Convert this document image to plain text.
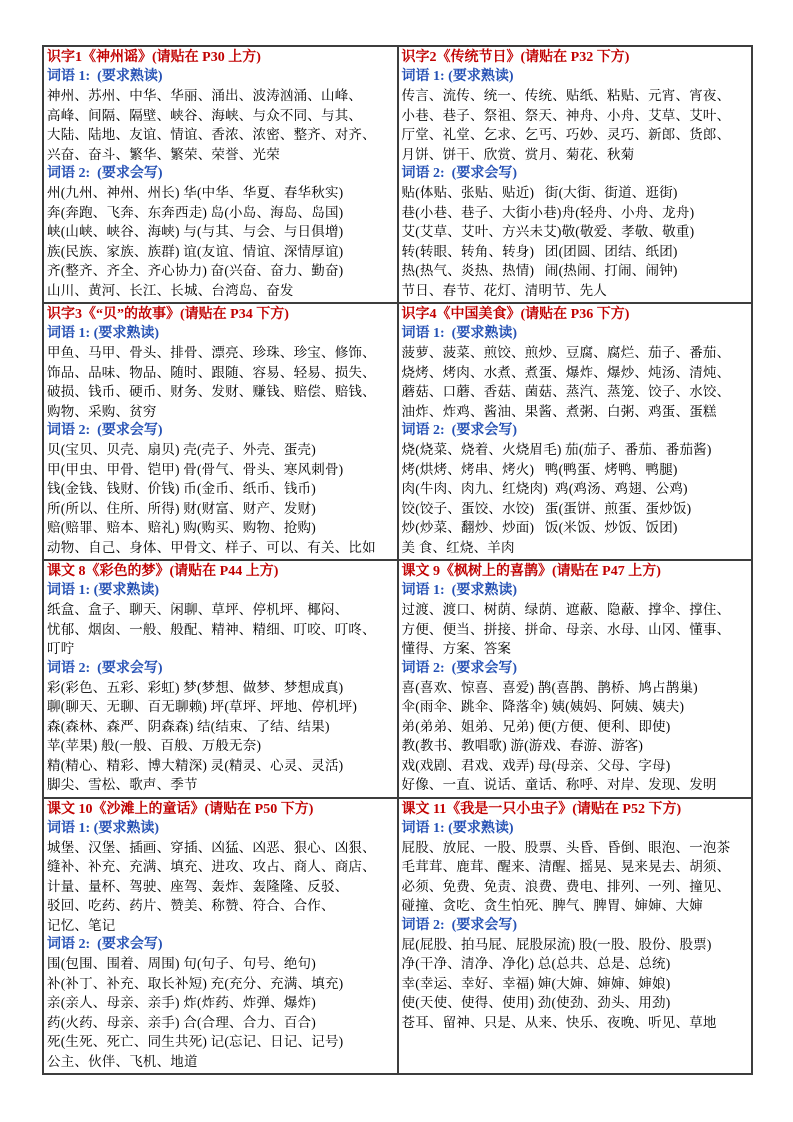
识字1《神州谣》(请贴在 P30 上方)
词语 1:  (要求熟读)
神州、苏州、中华、华丽、涌出、波涛汹涌、山峰、
高峰、间隔、隔壁、峡谷、海峡、与众不同、与其、
大陆、陆地、友谊、情谊、香浓、浓密、整齐、对齐、
兴奋、奋斗、繁华、繁荣、荣誉、光荣
词语 2:  (要求会写)
州(九州、神州、州长) 华(中华、华夏、春华秋实)
奔(奔跑、飞奔、东奔西走) 岛(小岛、海岛、岛国)
峡(山峡、峡谷、海峡) 与(与其、与会、与日俱增)
族(民族、家族、族群) 谊(友谊、情谊、深情厚谊)
齐(整齐、齐全、齐心协力) 奋(兴奋、奋力、勤奋)
山川、黄河、长江、长城、台湾岛、奋发

识字2《传统节日》(请贴在 P32 下方)
词语 1: (要求熟读)
传言、流传、统一、传统、贴纸、粘贴、元宵、宵夜、
小巷、巷子、祭祖、祭天、神舟、小舟、艾草、艾叶、
厅堂、礼堂、乞求、乞丐、巧妙、灵巧、新郎、货郎、
月饼、饼干、欣赏、赏月、菊花、秋菊
词语 2:  (要求会写)
贴(体贴、张贴、贴近)   街(大街、街道、逛街)
巷(小巷、巷子、大街小巷)舟(轻舟、小舟、龙舟)
艾(艾草、艾叶、方兴未艾)敬(敬爱、孝敬、敬重)
转(转眼、转角、转身)   团(团圆、团结、纸团)
热(热气、炎热、热情)   闹(热闹、打闹、闹钟)
节日、春节、花灯、清明节、先人

识字3《“贝”的故事》(请贴在 P34 下方)
词语 1: (要求熟读)
甲鱼、马甲、骨头、排骨、漂亮、珍珠、珍宝、修饰、
饰品、品味、物品、随时、跟随、容易、轻易、损失、
破损、钱币、硬币、财务、发财、赚钱、赔偿、赔钱、
购物、采购、贫穷
词语 2:  (要求会写)
贝(宝贝、贝壳、扇贝) 壳(壳子、外壳、蛋壳)
甲(甲虫、甲骨、铠甲) 骨(骨气、骨头、寒风刺骨)
钱(金钱、钱财、价钱) 币(金币、纸币、钱币)
所(所以、住所、所得) 财(财富、财产、发财)
赔(赔罪、赔本、赔礼) 购(购买、购物、抢购)
动物、自己、身体、甲骨文、样子、可以、有关、比如

识字4《中国美食》(请贴在 P36 下方)
词语 1:  (要求熟读)
菠萝、菠菜、煎饺、煎炒、豆腐、腐烂、茄子、番茄、
烧烤、烤肉、水煮、煮蛋、爆炸、爆炒、炖汤、清炖、
蘑菇、口蘑、香菇、菌菇、蒸汽、蒸笼、饺子、水饺、
油炸、炸鸡、酱油、果酱、煮粥、白粥、鸡蛋、蛋糕
词语 2:  (要求会写)
烧(烧菜、烧着、火烧眉毛) 茄(茄子、番茄、番茄酱)
烤(烘烤、烤串、烤火)   鸭(鸭蛋、烤鸭、鸭腿)
肉(牛肉、肉九、红烧肉)  鸡(鸡汤、鸡翅、公鸡)
饺(饺子、蛋饺、水饺)   蛋(蛋饼、煎蛋、蛋炒饭)
炒(炒菜、翻炒、炒面)   饭(米饭、炒饭、饭团)
美 食、红烧、羊肉

课文 8《彩色的梦》(请贴在 P44 上方)
词语 1: (要求熟读)
纸盒、盒子、聊天、闲聊、草坪、停机坪、椰闷、
忧郁、烟囱、一般、般配、精神、精细、叮咬、叮咚、
叮咛
词语 2:  (要求会写)
彩(彩色、五彩、彩虹) 梦(梦想、做梦、梦想成真)
聊(聊天、无聊、百无聊赖) 坪(草坪、坪地、停机坪)
森(森林、森严、阴森森) 结(结束、了结、结果)
苹(苹果) 般(一般、百般、万般无奈)
精(精心、精彩、博大精深) 灵(精灵、心灵、灵活)
脚尖、雪松、歌声、季节

课文 9《枫树上的喜鹊》(请贴在 P47 上方)
词语 1:  (要求熟读)
过渡、渡口、树荫、绿荫、遮蔽、隐蔽、撑伞、撑住、
方便、便当、拼接、拼命、母亲、水母、山冈、懂事、
懂得、方案、答案
词语 2:  (要求会写)
喜(喜欢、惊喜、喜爱) 鹊(喜鹊、鹊桥、鸠占鹊巢)
伞(雨伞、跳伞、降落伞) 姨(姨妈、阿姨、姨夫)
弟(弟弟、姐弟、兄弟) 便(方便、便利、即使)
教(教书、教唱歌) 游(游戏、春游、游客)
戏(戏剧、君戏、戏弄) 母(母亲、父母、字母)
好像、一直、说话、童话、称呼、对岸、发现、发明

课文 10《沙滩上的童话》(请贴在 P50 下方)
词语 1: (要求熟读)
城堡、汉堡、插画、穿插、凶猛、凶恶、狠心、凶狠、
缝补、补充、充满、填充、进攻、攻占、商人、商店、
计量、量杯、驾驶、座驾、轰炸、轰隆隆、反驳、
驳回、吃药、药片、赞美、称赞、符合、合作、
记忆、笔记
词语 2:  (要求会写)
围(包围、围着、周围) 句(句子、句号、绝句)
补(补丁、补充、取长补短) 充(充分、充满、填充)
亲(亲人、母亲、亲手) 炸(炸药、炸弹、爆炸)
药(火药、母亲、亲手) 合(合理、合力、百合)
死(生死、死亡、同生共死) 记(忘记、日记、记号)
公主、伙伴、飞机、地道

课文 11《我是一只小虫子》(请贴在 P52 下方)
词语 1: (要求熟读)
屁股、放屁、一股、股票、头昏、昏倒、眼泡、一泡茶
毛茸茸、鹿茸、醒来、清醒、摇晃、晃来晃去、胡须、
必须、免费、免责、浪费、费电、排列、一列、撞见、
碰撞、贪吃、贪生怕死、脾气、脾胃、婶婶、大婶
词语 2:  (要求会写)
屁(屁股、拍马屁、屁股尿流) 股(一股、股份、股票)
净(干净、清净、净化) 总(总共、总是、总统)
幸(幸运、幸好、幸福) 婶(大婶、婶婶、婶娘)
使(天使、使得、使用) 劲(使劲、劲头、用劲)
苍耳、留神、只是、从来、快乐、夜晚、听见、草地
